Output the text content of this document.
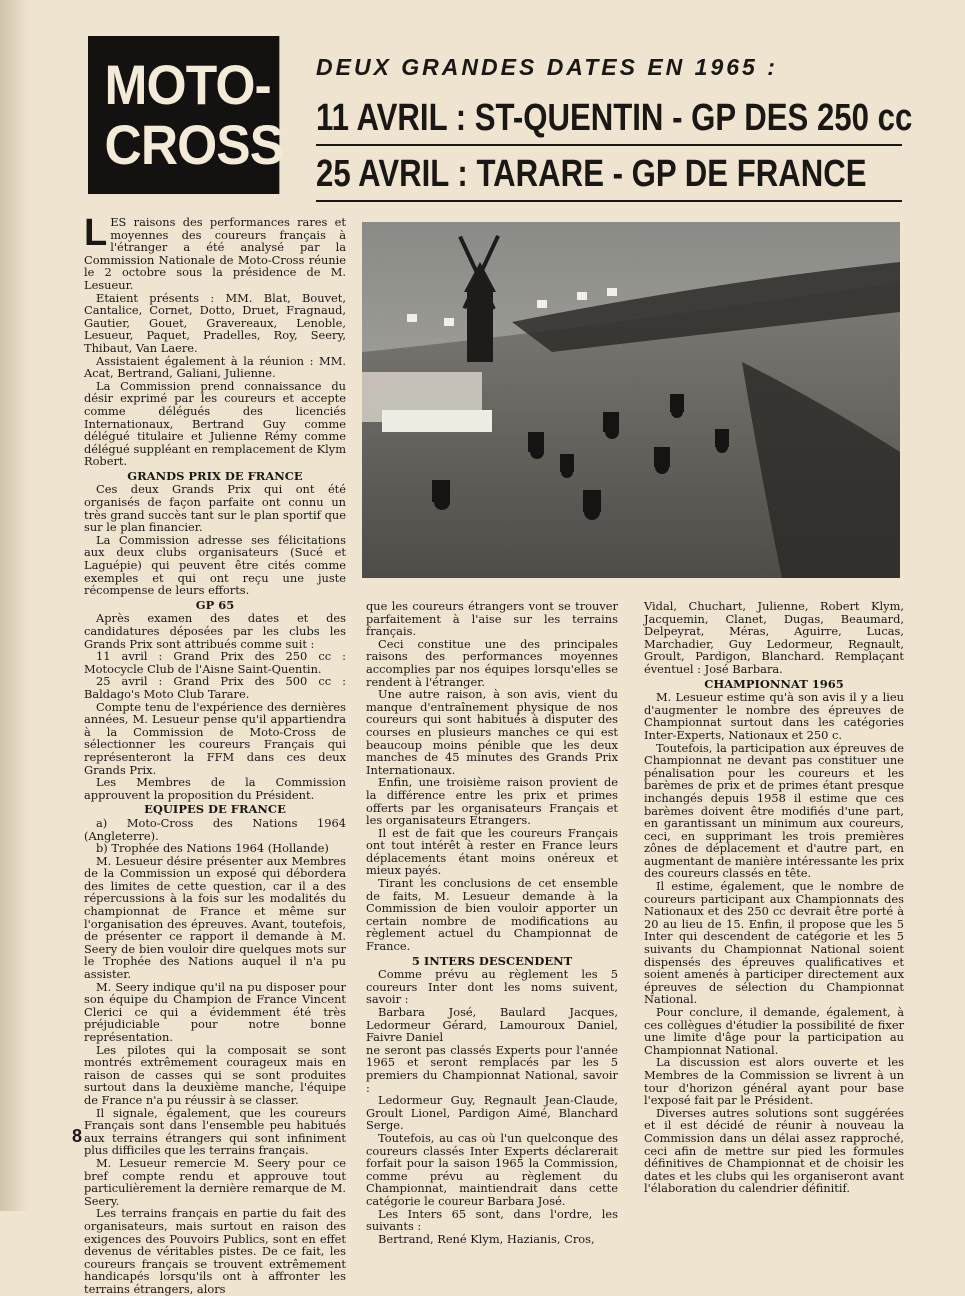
MOTO-
CROSS
DEUX GRANDES DATES EN 1965 :
11 AVRIL : ST-QUENTIN - GP DES 250 cc
25 AVRIL : TARARE - GP DE FRANCE

LES raisons des performances rares et moyennes des coureurs français à l'étranger a été analysé par la Commission Nationale de Moto-Cross réunie le 2 octobre sous la présidence de M. Lesueur.

Etaient présents : MM. Blat, Bouvet, Cantalice, Cornet, Dotto, Druet, Fragnaud, Gautier, Gouet, Gravereaux, Lenoble, Lesueur, Paquet, Pradelles, Roy, Seery, Thibaut, Van Laere.

Assistaient également à la réunion : MM. Acat, Bertrand, Galiani, Julienne.

La Commission prend connaissance du désir exprimé par les coureurs et accepte comme délégués des licenciés Internationaux, Bertrand Guy comme délégué titulaire et Julienne Rémy comme délégué suppléant en remplacement de Klym Robert.

GRANDS PRIX DE FRANCE

Ces deux Grands Prix qui ont été organisés de façon parfaite ont connu un très grand succès tant sur le plan sportif que sur le plan financier.

La Commission adresse ses félicitations aux deux clubs organisateurs (Sucé et Laguépie) qui peuvent être cités comme exemples et qui ont reçu une juste récompense de leurs efforts.

GP 65

Après examen des dates et des candidatures déposées par les clubs les Grands Prix sont attribués comme suit :

11 avril : Grand Prix des 250 cc : Motocycle Club de l'Aisne Saint-Quentin.

25 avril : Grand Prix des 500 cc : Baldago's Moto Club Tarare.

Compte tenu de l'expérience des dernières années, M. Lesueur pense qu'il appartiendra à la Commission de Moto-Cross de sélectionner les coureurs Français qui représenteront la FFM dans ces deux Grands Prix.

Les Membres de la Commission approuvent la proposition du Président.

EQUIPES DE FRANCE

a) Moto-Cross des Nations 1964 (Angleterre).

b) Trophée des Nations 1964 (Hollande)

M. Lesueur désire présenter aux Membres de la Commission un exposé qui débordera des limites de cette question, car il a des répercussions à la fois sur les modalités du championnat de France et même sur l'organisation des épreuves. Avant, toutefois, de présenter ce rapport il demande à M. Seery de bien vouloir dire quelques mots sur le Trophée des Nations auquel il n'a pu assister.

M. Seery indique qu'il na pu disposer pour son équipe du Champion de France Vincent Clerici ce qui a évidemment été très préjudiciable pour notre bonne représentation.

Les pilotes qui la composait se sont montrés extrêmement courageux mais en raison de casses qui se sont produites surtout dans la deuxième manche, l'équipe de France n'a pu réussir à se classer.

Il signale, également, que les coureurs Français sont dans l'ensemble peu habitués aux terrains étrangers qui sont infiniment plus difficiles que les terrains français.

M. Lesueur remercie M. Seery pour ce bref compte rendu et approuve tout particulièrement la dernière remarque de M. Seery.

Les terrains français en partie du fait des organisateurs, mais surtout en raison des exigences des Pouvoirs Publics, sont en effet devenus de véritables pistes. De ce fait, les coureurs français se trouvent extrêmement handicapés lorsqu'ils ont à affronter les terrains étrangers, alors

que les coureurs étrangers vont se trouver parfaitement à l'aise sur les terrains français.

Ceci constitue une des principales raisons des performances moyennes accomplies par nos équipes lorsqu'elles se rendent à l'étranger.

Une autre raison, à son avis, vient du manque d'entraînement physique de nos coureurs qui sont habitués à disputer des courses en plusieurs manches ce qui est beaucoup moins pénible que les deux manches de 45 minutes des Grands Prix Internationaux.

Enfin, une troisième raison provient de la différence entre les prix et primes offerts par les organisateurs Français et les organisateurs Etrangers.

Il est de fait que les coureurs Français ont tout intérêt à rester en France leurs déplacements étant moins onéreux et mieux payés.

Tirant les conclusions de cet ensemble de faits, M. Lesueur demande à la Commission de bien vouloir apporter un certain nombre de modifications au règlement actuel du Championnat de France.

5 INTERS DESCENDENT

Comme prévu au règlement les 5 coureurs Inter dont les noms suivent, savoir :

Barbara José, Baulard Jacques, Ledormeur Gérard, Lamouroux Daniel, Faivre Daniel

ne seront pas classés Experts pour l'année 1965 et seront remplacés par les 5 premiers du Championnat National, savoir :

Ledormeur Guy, Regnault Jean-Claude, Groult Lionel, Pardigon Aimé, Blanchard Serge.

Toutefois, au cas où l'un quelconque des coureurs classés Inter Experts déclarerait forfait pour la saison 1965 la Commission, comme prévu au règlement du Championnat, maintiendrait dans cette catégorie le coureur Barbara José.

Les Inters 65 sont, dans l'ordre, les suivants :

Bertrand, René Klym, Hazianis, Cros,

Vidal, Chuchart, Julienne, Robert Klym, Jacquemin, Clanet, Dugas, Beaumard, Delpeyrat, Méras, Aguirre, Lucas, Marchadier, Guy Ledormeur, Regnault, Groult, Pardigon, Blanchard. Remplaçant éventuel : José Barbara.

CHAMPIONNAT 1965

M. Lesueur estime qu'à son avis il y a lieu d'augmenter le nombre des épreuves de Championnat surtout dans les catégories Inter-Experts, Nationaux et 250 c.

Toutefois, la participation aux épreuves de Championnat ne devant pas constituer une pénalisation pour les coureurs et les barèmes de prix et de primes étant presque inchangés depuis 1958 il estime que ces barèmes doivent être modifiés d'une part, en garantissant un minimum aux coureurs, ceci, en supprimant les trois premières zônes de déplacement et d'autre part, en augmentant de manière intéressante les prix des coureurs classés en tête.

Il estime, également, que le nombre de coureurs participant aux Championnats des Nationaux et des 250 cc devrait être porté à 20 au lieu de 15. Enfin, il propose que les 5 Inter qui descendent de catégorie et les 5 suivants du Championnat National soient dispensés des épreuves qualificatives et soient amenés à participer directement aux épreuves de sélection du Championnat National.

Pour conclure, il demande, également, à ces collègues d'étudier la possibilité de fixer une limite d'âge pour la participation au Championnat National.

La discussion est alors ouverte et les Membres de la Commission se livrent à un tour d'horizon général ayant pour base l'exposé fait par le Président.

Diverses autres solutions sont suggérées et il est décidé de réunir à nouveau la Commission dans un délai assez rapproché, ceci afin de mettre sur pied les formules définitives de Championnat et de choisir les dates et les clubs qui les organiseront avant l'élaboration du calendrier définitif.

8
